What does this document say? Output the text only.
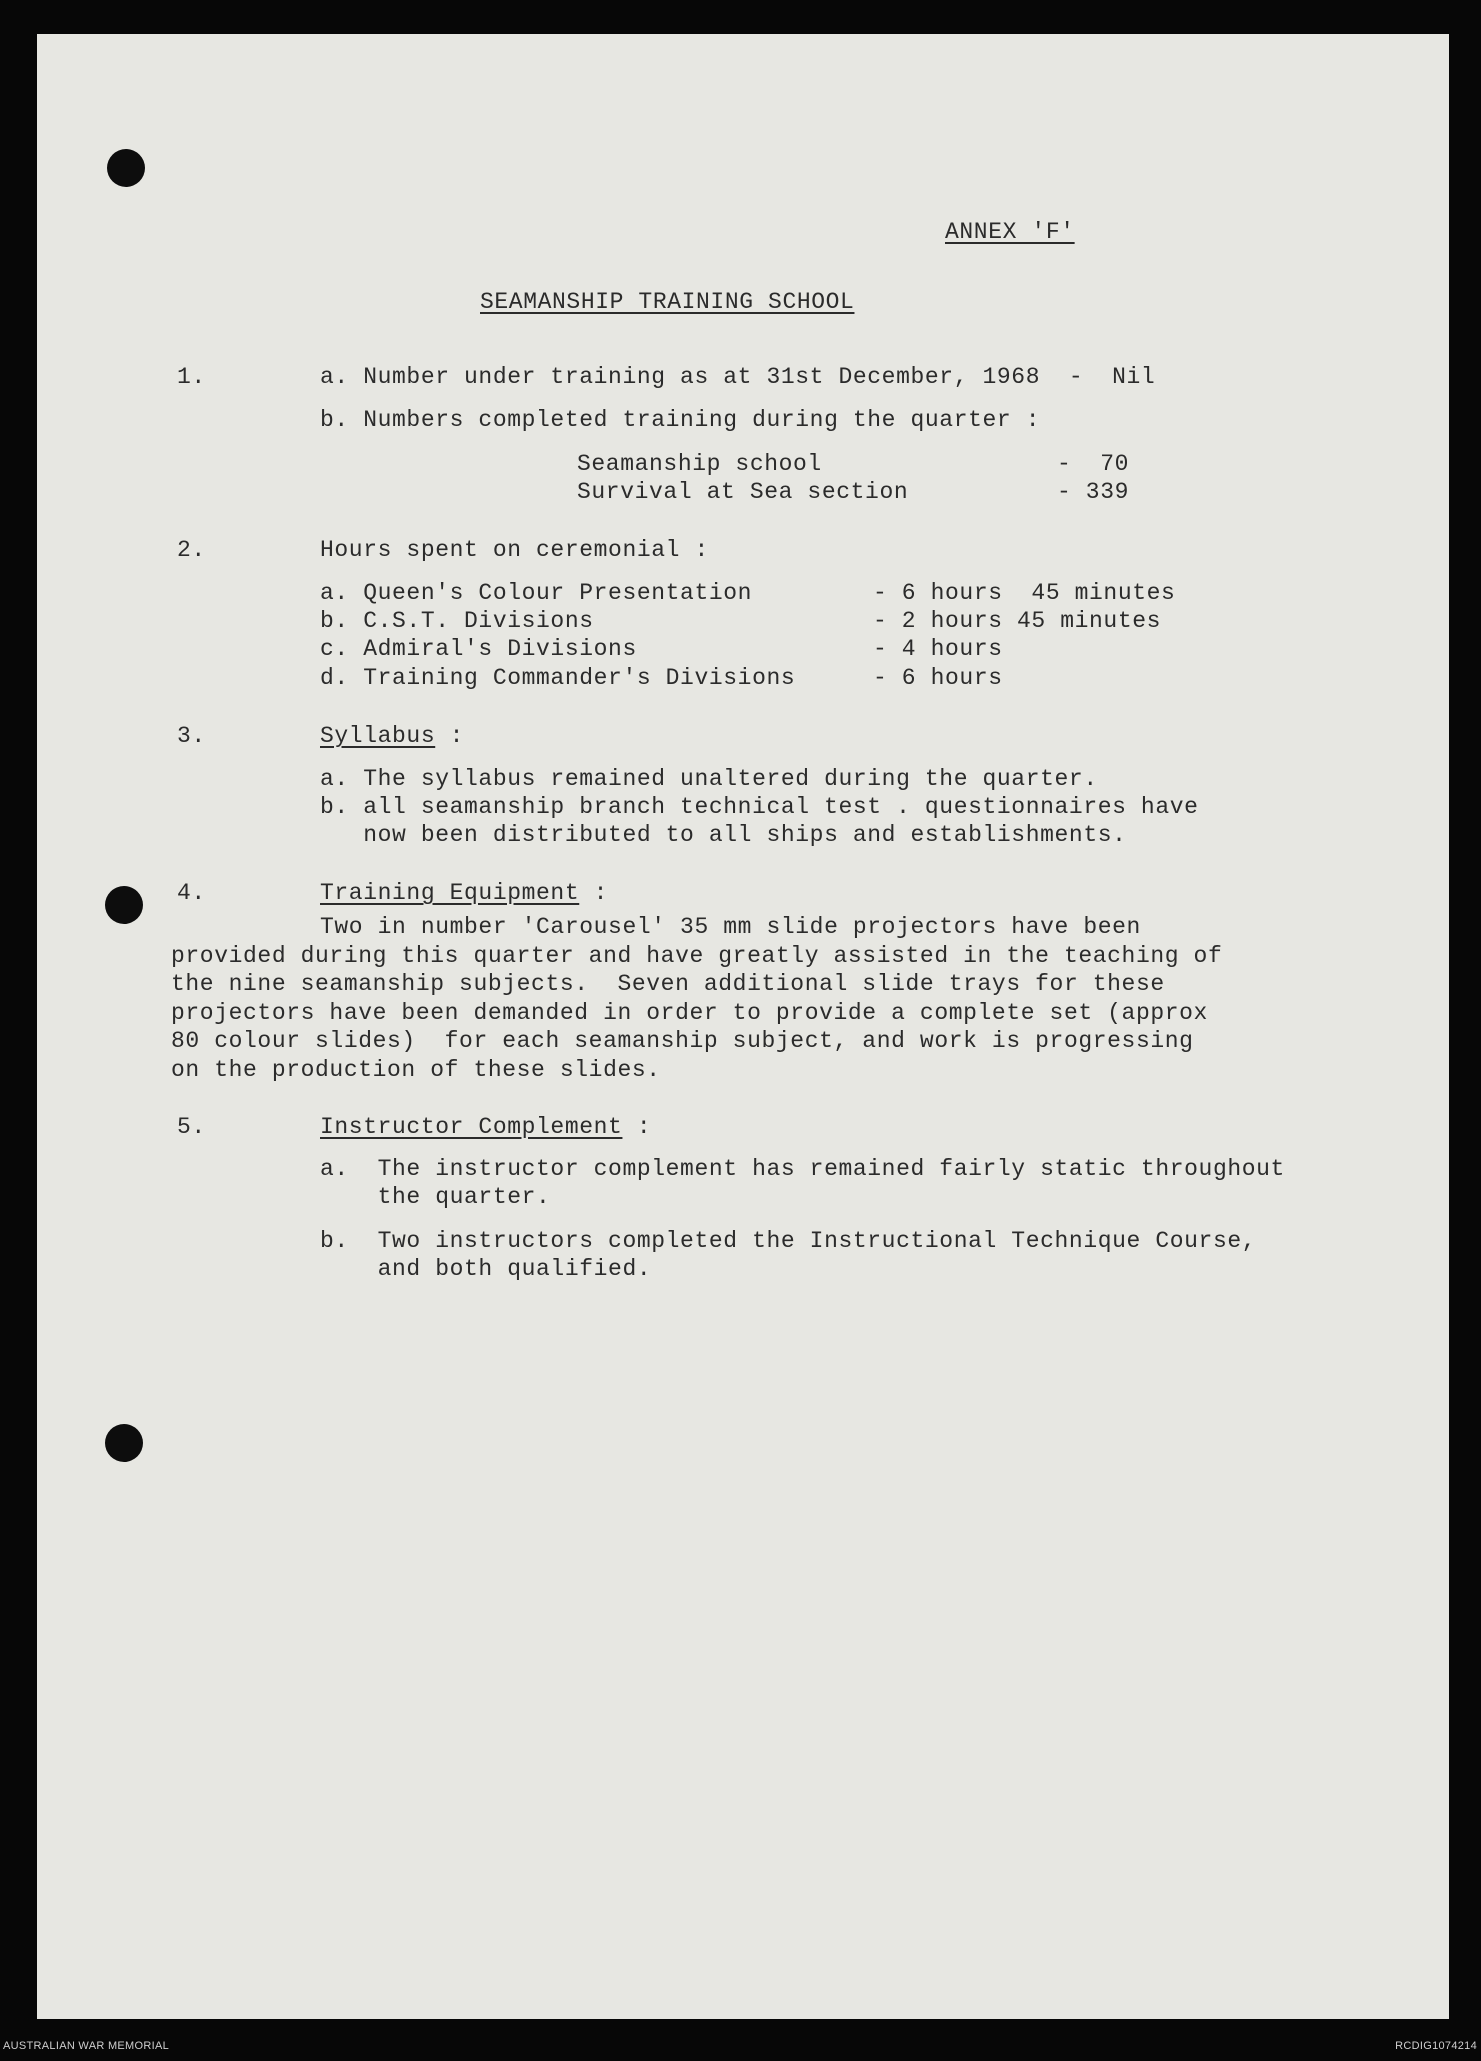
ANNEX 'F'
SEAMANSHIP TRAINING SCHOOL
1.	a. Number under training as at 31st December, 1968  -  Nil
b. Numbers completed training during the quarter :
Seamanship school	-  70
Survival at Sea section	- 339
2.	Hours spent on ceremonial :
a. Queen's Colour Presentation	- 6 hours  45 minutes
b. C.S.T. Divisions	- 2 hours 45 minutes
c. Admiral's Divisions	- 4 hours
d. Training Commander's Divisions	- 6 hours
3.	Syllabus :
a. The syllabus remained unaltered during the quarter.
b. all seamanship branch technical test . questionnaires have
now been distributed to all ships and establishments.
4.	Training Equipment :
Two in number 'Carousel' 35 mm slide projectors have been
provided during this quarter and have greatly assisted in the teaching of
the nine seamanship subjects.  Seven additional slide trays for these
projectors have been demanded in order to provide a complete set (approx
80 colour slides)  for each seamanship subject, and work is progressing
on the production of these slides.
5.	Instructor Complement :
a.  The instructor complement has remained fairly static throughout
the quarter.
b.  Two instructors completed the Instructional Technique Course,
and both qualified.
AUSTRALIAN WAR MEMORIAL	RCDIG1074214
